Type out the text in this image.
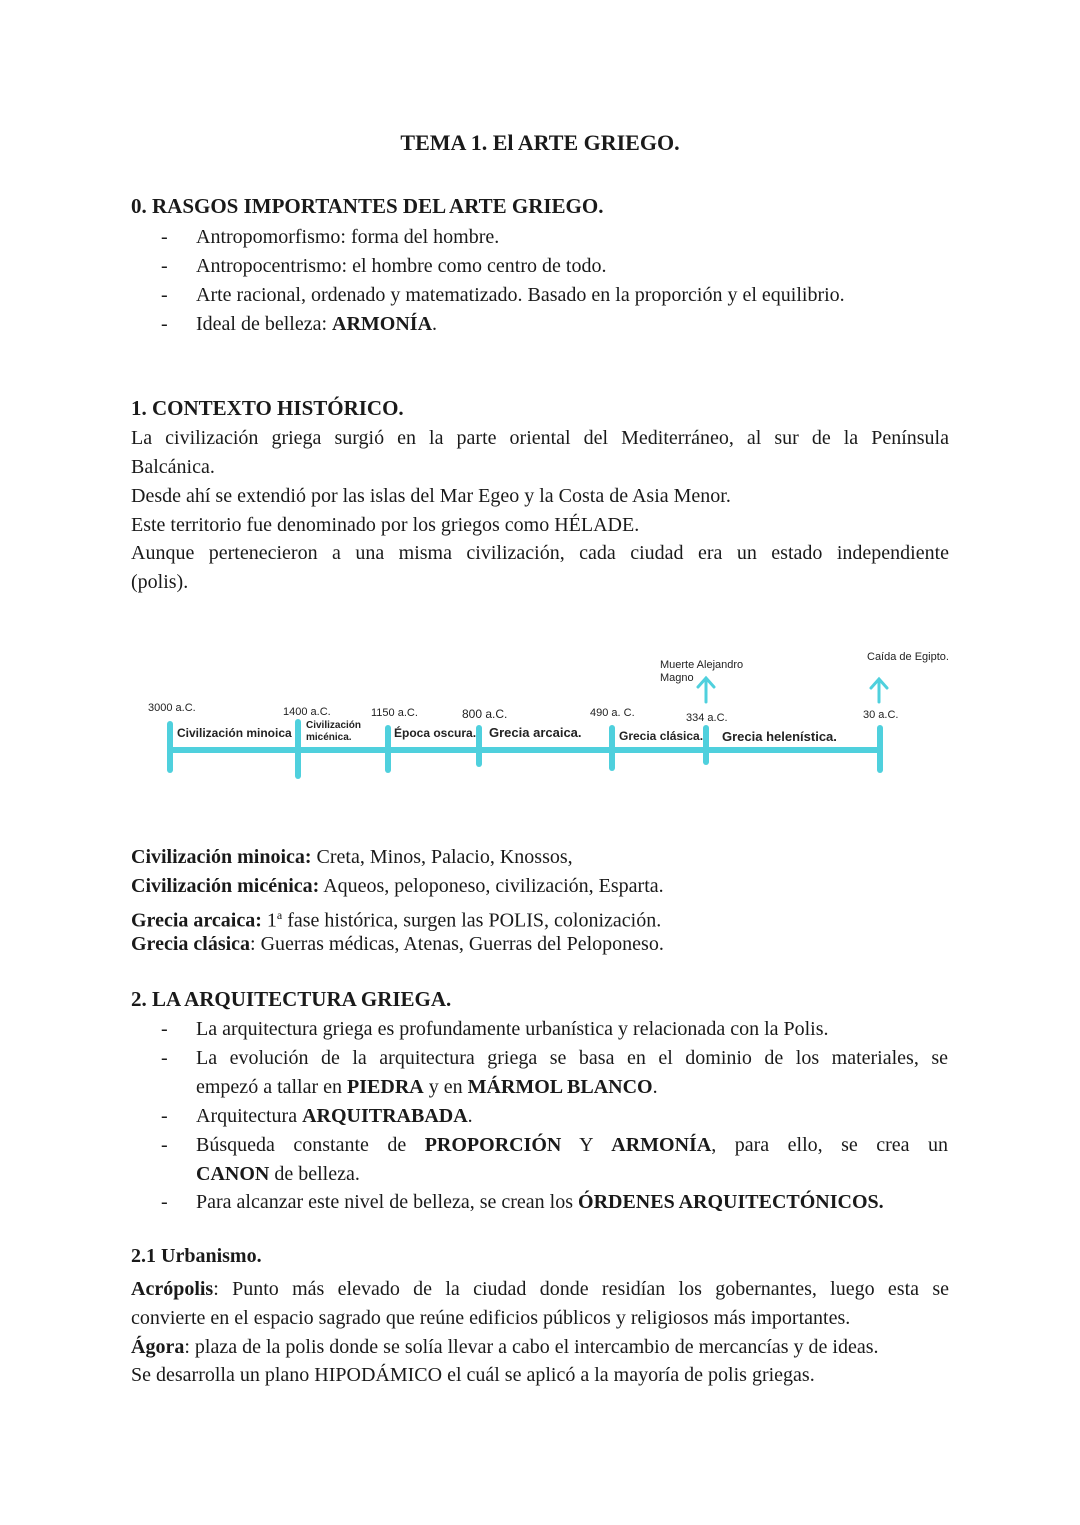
TEMA 1. El ARTE GRIEGO.
0. RASGOS IMPORTANTES DEL ARTE GRIEGO.
-	Antropomorfismo: forma del hombre.
-	Antropocentrismo: el hombre como centro de todo.
-	Arte racional, ordenado y matematizado. Basado en la proporción y el equilibrio.
-	Ideal de belleza: ARMONÍA.
1. CONTEXTO HISTÓRICO.
La civilización griega surgió en la parte oriental del Mediterráneo, al sur de la Península
Balcánica.
Desde ahí se extendió por las islas del Mar Egeo y la Costa de Asia Menor.
Este territorio fue denominado por los griegos como HÉLADE.
Aunque pertenecieron a una misma civilización, cada ciudad era un estado independiente
(polis).
3000 a.C.	1400 a.C.	1150 a.C.	800 a.C.	490 a. C.	334 a.C.	30 a.C.
Civilización minoica
Civilización
micénica.	Época oscura. Grecia arcaica.	Grecia clásica. Grecia helenística.
Muerte Alejandro
Magno
Caída de Egipto.
Civilización minoica: Creta, Minos, Palacio, Knossos,
Civilización micénica: Aqueos, peloponeso, civilización, Esparta.
Grecia arcaica: 1$^a$ fase histórica, surgen las POLIS, colonización.
Grecia clásica: Guerras médicas, Atenas, Guerras del Peloponeso.
2. LA ARQUITECTURA GRIEGA.
-	La arquitectura griega es profundamente urbanística y relacionada con la Polis.
-	La evolución de la arquitectura griega se basa en el dominio de los materiales, se
empezó a tallar en PIEDRA y en MÁRMOL BLANCO.
-	Arquitectura ARQUITRABADA.
-	Búsqueda constante de PROPORCIÓN Y ARMONÍA, para ello, se crea un
CANON de belleza.
-	Para alcanzar este nivel de belleza, se crean los ÓRDENES ARQUITECTÓNICOS.
2.1 Urbanismo.
Acrópolis: Punto más elevado de la ciudad donde residían los gobernantes, luego esta se
convierte en el espacio sagrado que reúne edificios públicos y religiosos más importantes.
Ágora: plaza de la polis donde se solía llevar a cabo el intercambio de mercancías y de ideas.
Se desarrolla un plano HIPODÁMICO el cuál se aplicó a la mayoría de polis griegas.
